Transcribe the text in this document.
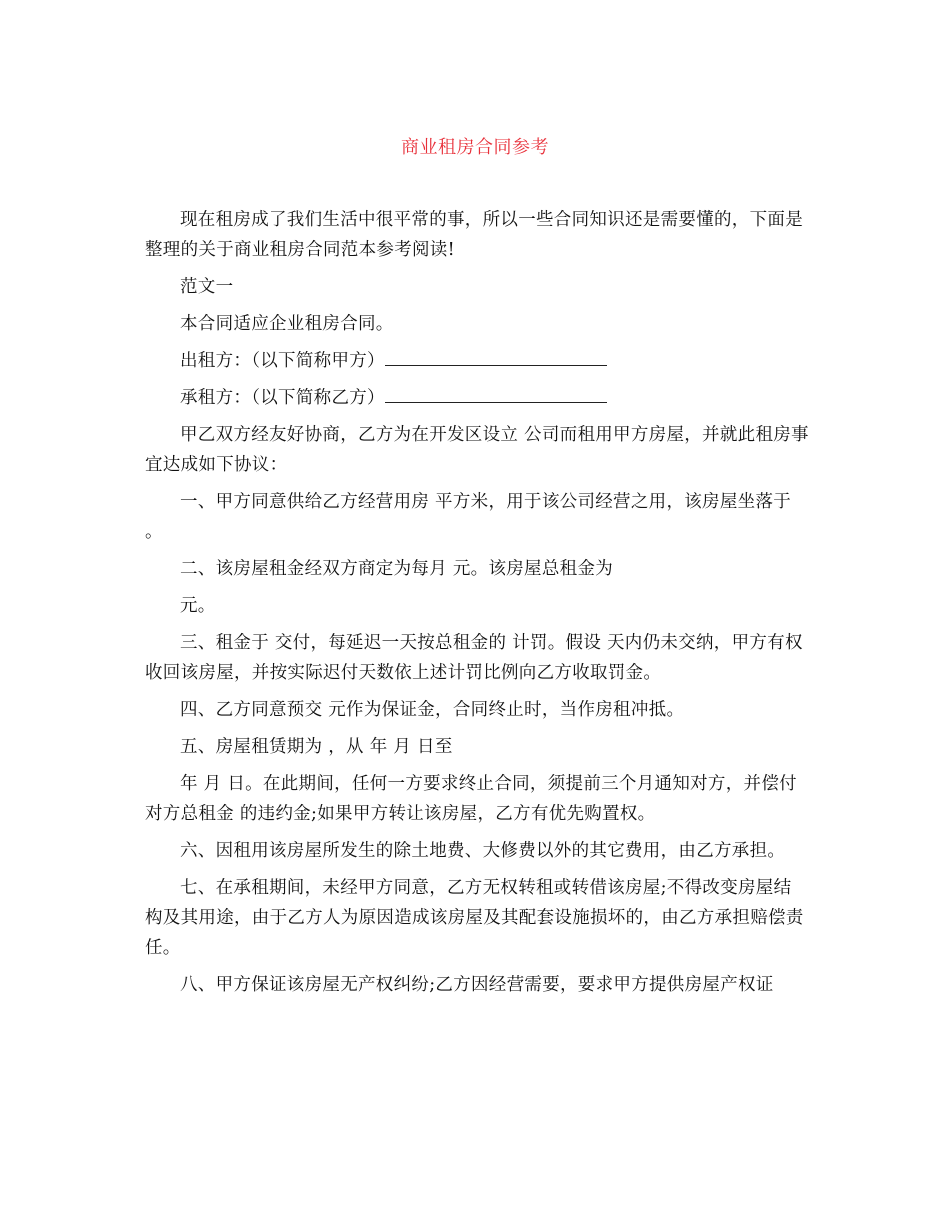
商业租房合同参考

现在租房成了我们生活中很平常的事，所以一些合同知识还是需要懂的，下面是整理的关于商业租房合同范本参考阅读!

范文一

本合同适应企业租房合同。

出租方：（以下简称甲方）

承租方：（以下简称乙方）

甲乙双方经友好协商，乙方为在开发区设立 公司而租用甲方房屋，并就此租房事宜达成如下协议：

一、甲方同意供给乙方经营用房 平方米，用于该公司经营之用，该房屋坐落于 。

二、该房屋租金经双方商定为每月 元。该房屋总租金为

元。

三、租金于 交付，每延迟一天按总租金的 计罚。假设 天内仍未交纳，甲方有权收回该房屋，并按实际迟付天数依上述计罚比例向乙方收取罚金。

四、乙方同意预交 元作为保证金，合同终止时，当作房租冲抵。

五、房屋租赁期为 ，从 年 月 日至

年 月 日。在此期间，任何一方要求终止合同，须提前三个月通知对方，并偿付对方总租金 的违约金;如果甲方转让该房屋，乙方有优先购置权。

六、因租用该房屋所发生的除土地费、大修费以外的其它费用，由乙方承担。

七、在承租期间，未经甲方同意，乙方无权转租或转借该房屋;不得改变房屋结构及其用途，由于乙方人为原因造成该房屋及其配套设施损坏的，由乙方承担赔偿责任。

八、甲方保证该房屋无产权纠纷;乙方因经营需要，要求甲方提供房屋产权证
